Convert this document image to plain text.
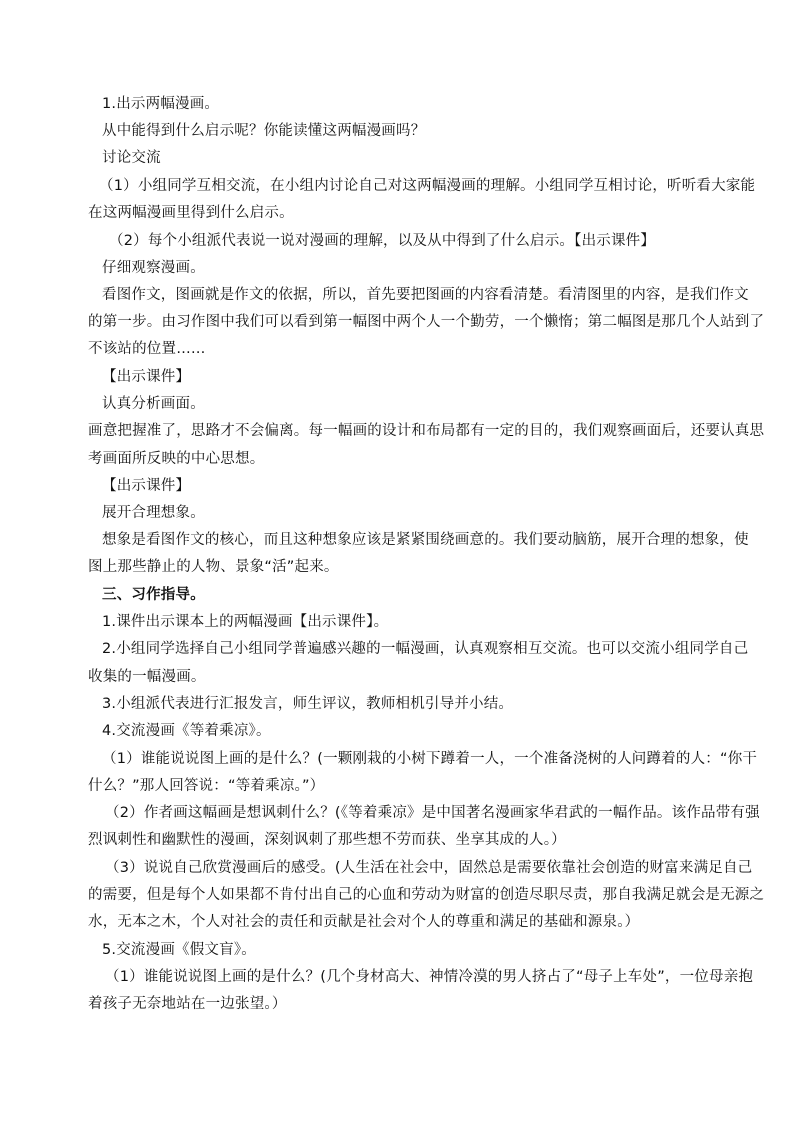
1.出示两幅漫画。
从中能得到什么启示呢？你能读懂这两幅漫画吗？
讨论交流
（1）小组同学互相交流，在小组内讨论自己对这两幅漫画的理解。小组同学互相讨论，听听看大家能
在这两幅漫画里得到什么启示。
（2）每个小组派代表说一说对漫画的理解，以及从中得到了什么启示。【出示课件】
仔细观察漫画。
看图作文，图画就是作文的依据，所以，首先要把图画的内容看清楚。看清图里的内容，是我们作文
的第一步。由习作图中我们可以看到第一幅图中两个人一个勤劳，一个懒惰；第二幅图是那几个人站到了
不该站的位置……
【出示课件】
认真分析画面。
画意把握准了，思路才不会偏离。每一幅画的设计和布局都有一定的目的，我们观察画面后，还要认真思
考画面所反映的中心思想。
【出示课件】
展开合理想象。
想象是看图作文的核心，而且这种想象应该是紧紧围绕画意的。我们要动脑筋，展开合理的想象，使
图上那些静止的人物、景象“活”起来。
三、习作指导。
1.课件出示课本上的两幅漫画【出示课件】。
2.小组同学选择自己小组同学普遍感兴趣的一幅漫画，认真观察相互交流。也可以交流小组同学自己
收集的一幅漫画。
3.小组派代表进行汇报发言，师生评议，教师相机引导并小结。
4.交流漫画《等着乘凉》。
（1）谁能说说图上画的是什么？(一颗刚栽的小树下蹲着一人，一个准备浇树的人问蹲着的人：“你干
什么？”那人回答说：“等着乘凉。”）
（2）作者画这幅画是想讽刺什么？(《等着乘凉》是中国著名漫画家华君武的一幅作品。该作品带有强
烈讽刺性和幽默性的漫画，深刻讽刺了那些想不劳而获、坐享其成的人。）
（3）说说自己欣赏漫画后的感受。(人生活在社会中，固然总是需要依靠社会创造的财富来满足自己
的需要，但是每个人如果都不肯付出自己的心血和劳动为财富的创造尽职尽责，那自我满足就会是无源之
水，无本之木，个人对社会的责任和贡献是社会对个人的尊重和满足的基础和源泉。）
5.交流漫画《假文盲》。
（1）谁能说说图上画的是什么？(几个身材高大、神情冷漠的男人挤占了“母子上车处”，一位母亲抱
着孩子无奈地站在一边张望。）
